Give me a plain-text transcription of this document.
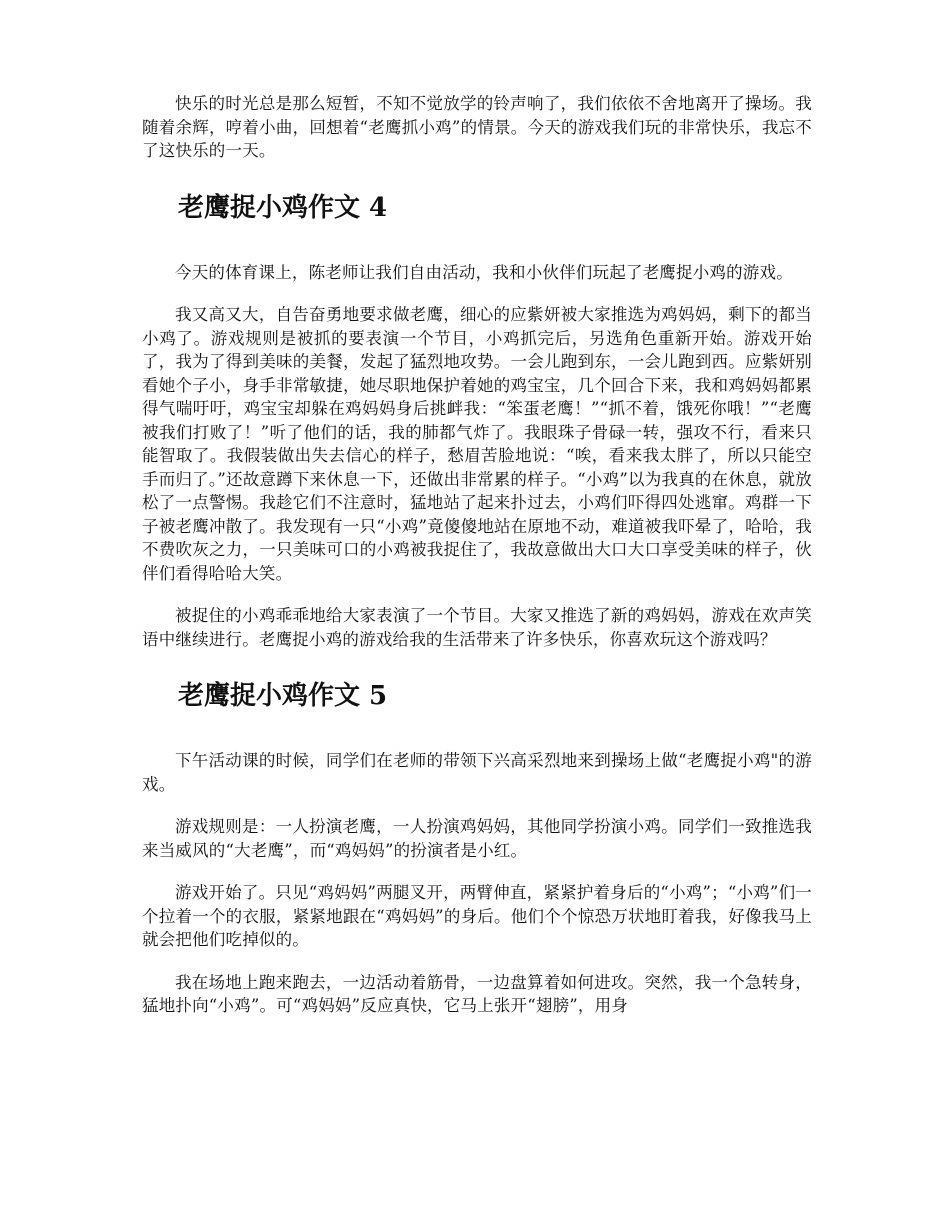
快乐的时光总是那么短暂，不知不觉放学的铃声响了，我们依依不舍地离开了操场。我随着余辉，哼着小曲，回想着“老鹰抓小鸡”的情景。今天的游戏我们玩的非常快乐，我忘不了这快乐的一天。

老鹰捉小鸡作文 4

今天的体育课上，陈老师让我们自由活动，我和小伙伴们玩起了老鹰捉小鸡的游戏。

我又高又大，自告奋勇地要求做老鹰，细心的应紫妍被大家推选为鸡妈妈，剩下的都当小鸡了。游戏规则是被抓的要表演一个节目，小鸡抓完后，另选角色重新开始。游戏开始了，我为了得到美味的美餐，发起了猛烈地攻势。一会儿跑到东，一会儿跑到西。应紫妍别看她个子小，身手非常敏捷，她尽职地保护着她的鸡宝宝，几个回合下来，我和鸡妈妈都累得气喘吁吁，鸡宝宝却躲在鸡妈妈身后挑衅我：“笨蛋老鹰！”“抓不着，饿死你哦！”“老鹰被我们打败了！”听了他们的话，我的肺都气炸了。我眼珠子骨碌一转，强攻不行，看来只能智取了。我假装做出失去信心的样子，愁眉苦脸地说：“唉，看来我太胖了，所以只能空手而归了。”还故意蹲下来休息一下，还做出非常累的样子。“小鸡”以为我真的在休息，就放松了一点警惕。我趁它们不注意时，猛地站了起来扑过去，小鸡们吓得四处逃窜。鸡群一下子被老鹰冲散了。我发现有一只“小鸡”竟傻傻地站在原地不动，难道被我吓晕了，哈哈，我不费吹灰之力，一只美味可口的小鸡被我捉住了，我故意做出大口大口享受美味的样子，伙伴们看得哈哈大笑。

被捉住的小鸡乖乖地给大家表演了一个节目。大家又推选了新的鸡妈妈，游戏在欢声笑语中继续进行。老鹰捉小鸡的游戏给我的生活带来了许多快乐，你喜欢玩这个游戏吗？

老鹰捉小鸡作文 5

下午活动课的时候，同学们在老师的带领下兴高采烈地来到操场上做“老鹰捉小鸡"的游戏。

游戏规则是：一人扮演老鹰，一人扮演鸡妈妈，其他同学扮演小鸡。同学们一致推选我来当威风的“大老鹰”，而“鸡妈妈”的扮演者是小红。

游戏开始了。只见“鸡妈妈”两腿叉开，两臂伸直，紧紧护着身后的“小鸡”；“小鸡”们一个拉着一个的衣服，紧紧地跟在“鸡妈妈”的身后。他们个个惊恐万状地盯着我，好像我马上就会把他们吃掉似的。

我在场地上跑来跑去，一边活动着筋骨，一边盘算着如何进攻。突然，我一个急转身，猛地扑向“小鸡”。可“鸡妈妈”反应真快，它马上张开“翅膀”，用身
